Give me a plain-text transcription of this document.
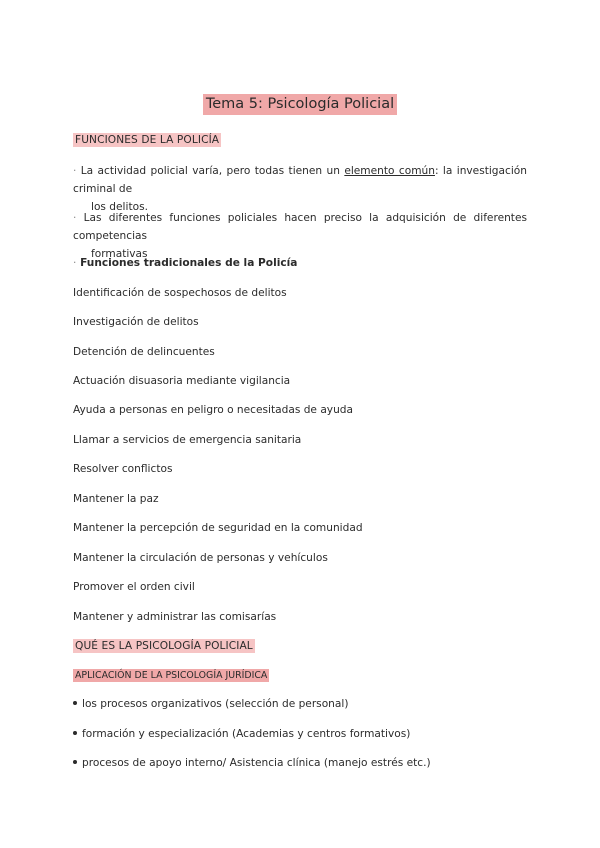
Tema 5: Psicología Policial
FUNCIONES DE LA POLICÍA
· La actividad policial varía, pero todas tienen un elemento común: la investigación criminal de
los delitos.
· Las diferentes funciones policiales hacen preciso la adquisición de diferentes competencias
formativas
· Funciones tradicionales de la Policía
Identificación de sospechosos de delitos
Investigación de delitos
Detención de delincuentes
Actuación disuasoria mediante vigilancia
Ayuda a personas en peligro o necesitadas de ayuda
Llamar a servicios de emergencia sanitaria
Resolver conflictos
Mantener la paz
Mantener la percepción de seguridad en la comunidad
Mantener la circulación de personas y vehículos
Promover el orden civil
Mantener y administrar las comisarías
QUÉ ES LA PSICOLOGÍA POLICIAL
APLICACIÓN DE LA PSICOLOGÍA JURÍDICA
los procesos organizativos (selección de personal)
formación y especialización (Academias y centros formativos)
procesos de apoyo interno/ Asistencia clínica (manejo estrés etc.)
